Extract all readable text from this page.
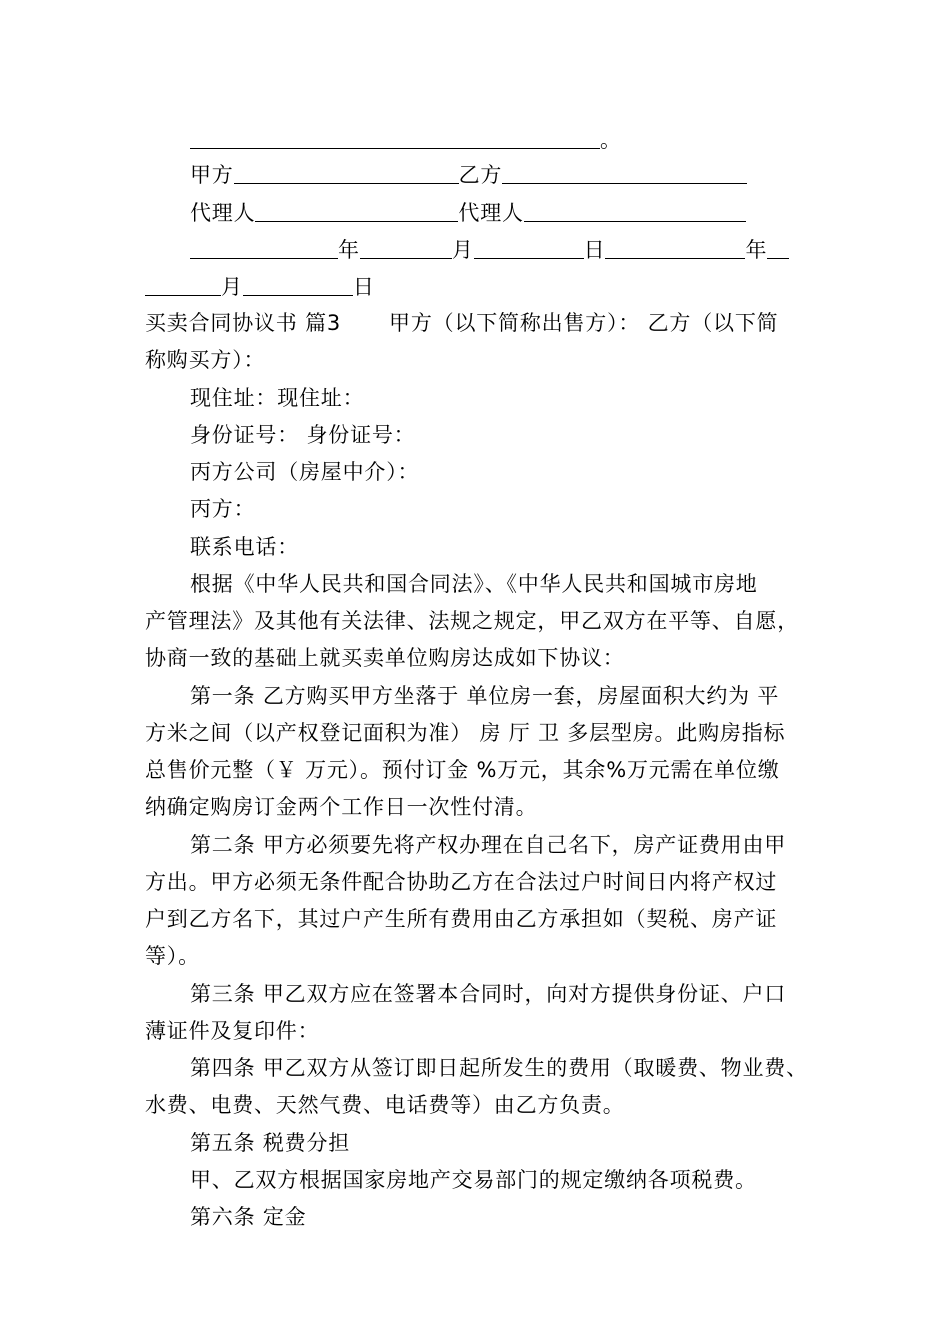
。
甲方	乙方
代理人	代理人
年	月	日	年
月	日
买卖合同协议书 篇3 甲方（以下简称出售方）： 乙方（以下简
称购买方）：
现住址：现住址：
身份证号： 身份证号：
丙方公司（房屋中介）：
丙方：
联系电话：
根据《中华人民共和国合同法》、《中华人民共和国城市房地
产管理法》及其他有关法律、法规之规定，甲乙双方在平等、自愿，
协商一致的基础上就买卖单位购房达成如下协议：
第一条 乙方购买甲方坐落于 单位房一套，房屋面积大约为 平
方米之间（以产权登记面积为准） 房 厅 卫 多层型房。此购房指标
总售价元整（￥ 万元）。预付订金 %万元，其余%万元需在单位缴
纳确定购房订金两个工作日一次性付清。
第二条 甲方必须要先将产权办理在自己名下，房产证费用由甲
方出。甲方必须无条件配合协助乙方在合法过户时间日内将产权过
户到乙方名下，其过户产生所有费用由乙方承担如（契税、房产证
等）。
第三条 甲乙双方应在签署本合同时，向对方提供身份证、户口
薄证件及复印件：
第四条 甲乙双方从签订即日起所发生的费用（取暖费、物业费、
水费、电费、天然气费、电话费等）由乙方负责。
第五条 税费分担
甲、乙双方根据国家房地产交易部门的规定缴纳各项税费。
第六条 定金
